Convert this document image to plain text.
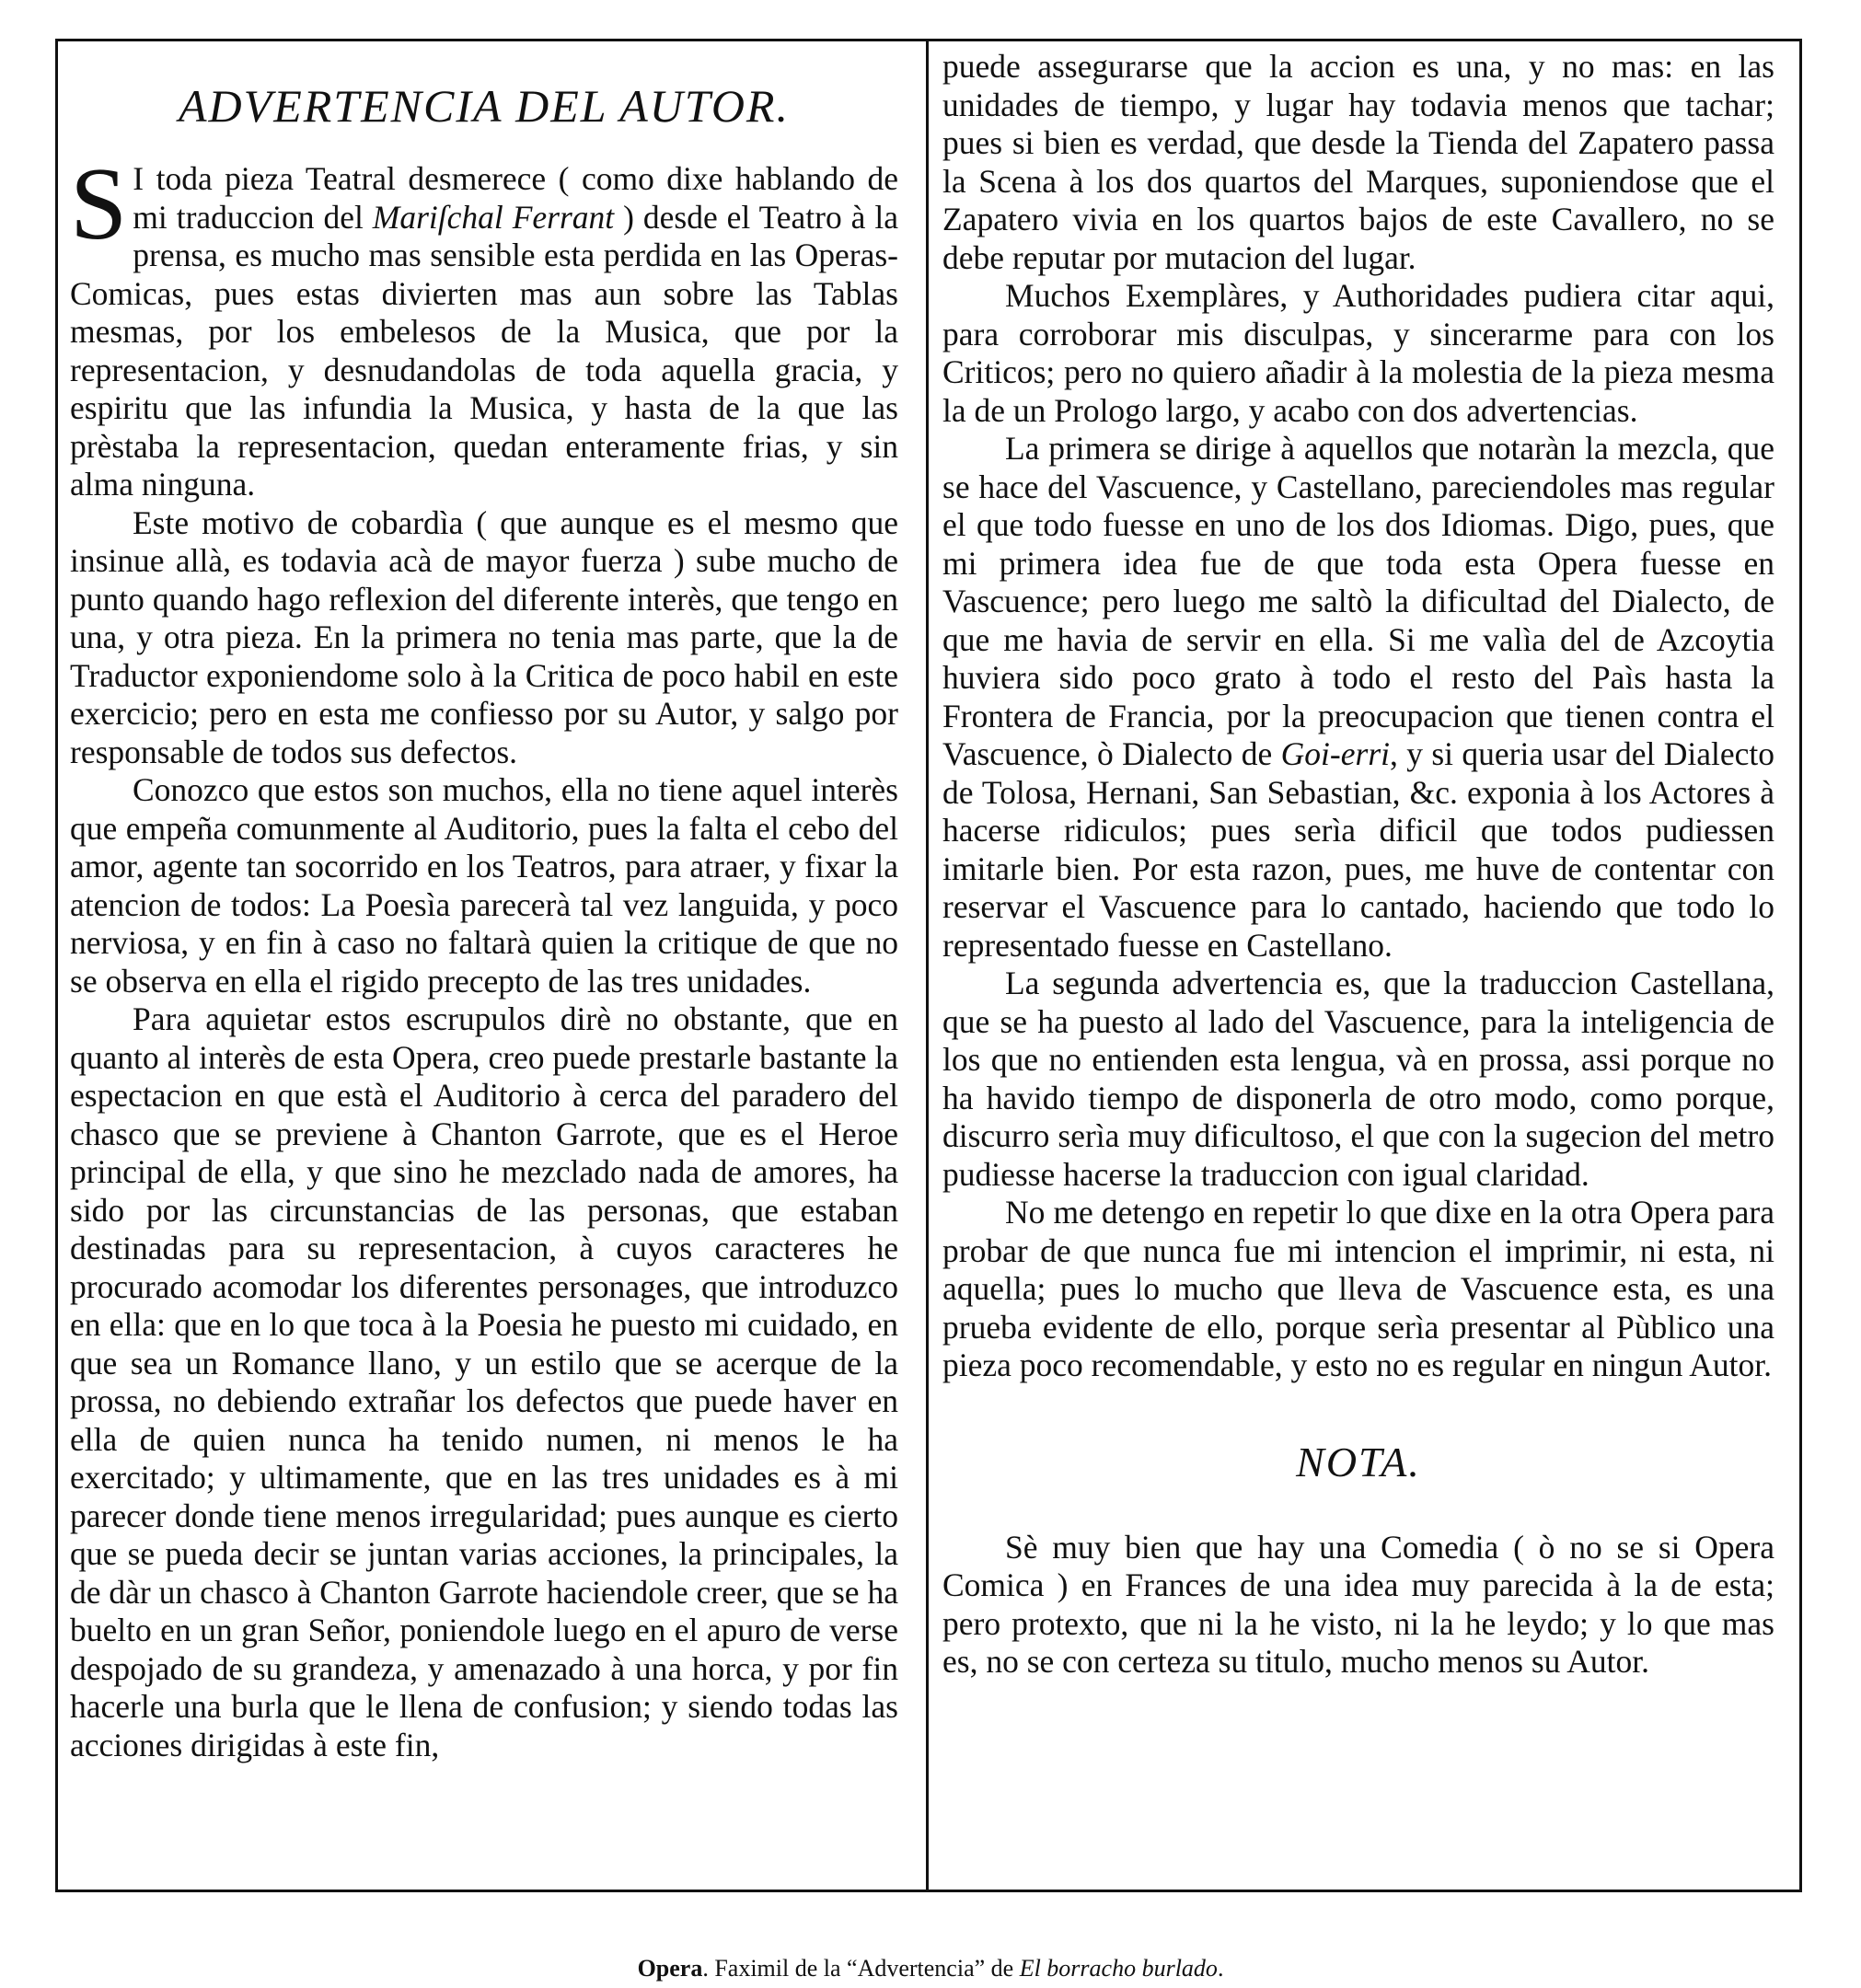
ADVERTENCIA DEL AUTOR.

S I toda pieza Teatral desmerece ( como dixe hablando de mi traduccion del Mariſchal Ferrant ) desde el Teatro à la prensa, es mucho mas sensible esta perdida en las Operas-Comicas, pues estas divierten mas aun sobre las Tablas mesmas, por los embelesos de la Musica, que por la representacion, y desnudandolas de toda aquella gracia, y espiritu que las infundia la Musica, y hasta de la que las prèstaba la representacion, quedan enteramente frias, y sin alma ninguna.

Este motivo de cobardìa ( que aunque es el mesmo que insinue allà, es todavia acà de mayor fuerza ) sube mucho de punto quando hago reflexion del diferente interès, que tengo en una, y otra pieza. En la primera no tenia mas parte, que la de Traductor exponiendome solo à la Critica de poco habil en este exercicio; pero en esta me confiesso por su Autor, y salgo por responsable de todos sus defectos.

Conozco que estos son muchos, ella no tiene aquel interès que empeña comunmente al Auditorio, pues la falta el cebo del amor, agente tan socorrido en los Teatros, para atraer, y fixar la atencion de todos: La Poesìa parecerà tal vez languida, y poco nerviosa, y en fin à caso no faltarà quien la critique de que no se observa en ella el rigido precepto de las tres unidades.

Para aquietar estos escrupulos dirè no obstante, que en quanto al interès de esta Opera, creo puede prestarle bastante la espectacion en que està el Auditorio à cerca del paradero del chasco que se previene à Chanton Garrote, que es el Heroe principal de ella, y que sino he mezclado nada de amores, ha sido por las circunstancias de las personas, que estaban destinadas para su representacion, à cuyos caracteres he procurado acomodar los diferentes personages, que introduzco en ella: que en lo que toca à la Poesia he puesto mi cuidado, en que sea un Romance llano, y un estilo que se acerque de la prossa, no debiendo extrañar los defectos que puede haver en ella de quien nunca ha tenido numen, ni menos le ha exercitado; y ultimamente, que en las tres unidades es à mi parecer donde tiene menos irregularidad; pues aunque es cierto que se pueda decir se juntan varias acciones, la principales, la de dàr un chasco à Chanton Garrote haciendole creer, que se ha buelto en un gran Señor, poniendole luego en el apuro de verse despojado de su grandeza, y amenazado à una horca, y por fin hacerle una burla que le llena de confusion; y siendo todas las acciones dirigidas à este fin,

puede assegurarse que la accion es una, y no mas: en las unidades de tiempo, y lugar hay todavia menos que tachar; pues si bien es verdad, que desde la Tienda del Zapatero passa la Scena à los dos quartos del Marques, suponiendose que el Zapatero vivia en los quartos bajos de este Cavallero, no se debe reputar por mutacion del lugar.

Muchos Exemplàres, y Authoridades pudiera citar aqui, para corroborar mis disculpas, y sincerarme para con los Criticos; pero no quiero añadir à la molestia de la pieza mesma la de un Prologo largo, y acabo con dos advertencias.

La primera se dirige à aquellos que notaràn la mezcla, que se hace del Vascuence, y Castellano, pareciendoles mas regular el que todo fuesse en uno de los dos Idiomas. Digo, pues, que mi primera idea fue de que toda esta Opera fuesse en Vascuence; pero luego me saltò la dificultad del Dialecto, de que me havia de servir en ella. Si me valìa del de Azcoytia huviera sido poco grato à todo el resto del Paìs hasta la Frontera de Francia, por la preocupacion que tienen contra el Vascuence, ò Dialecto de Goi-erri, y si queria usar del Dialecto de Tolosa, Hernani, San Sebastian, &c. exponia à los Actores à hacerse ridiculos; pues serìa dificil que todos pudiessen imitarle bien. Por esta razon, pues, me huve de contentar con reservar el Vascuence para lo cantado, haciendo que todo lo representado fuesse en Castellano.

La segunda advertencia es, que la traduccion Castellana, que se ha puesto al lado del Vascuence, para la inteligencia de los que no entienden esta lengua, và en prossa, assi porque no ha havido tiempo de disponerla de otro modo, como porque, discurro serìa muy dificultoso, el que con la sugecion del metro pudiesse hacerse la traduccion con igual claridad.

No me detengo en repetir lo que dixe en la otra Opera para probar de que nunca fue mi intencion el imprimir, ni esta, ni aquella; pues lo mucho que lleva de Vascuence esta, es una prueba evidente de ello, porque serìa presentar al Pùblico una pieza poco recomendable, y esto no es regular en ningun Autor.

NOTA.

Sè muy bien que hay una Comedia ( ò no se si Opera Comica ) en Frances de una idea muy parecida à la de esta; pero protexto, que ni la he visto, ni la he leydo; y lo que mas es, no se con certeza su titulo, mucho menos su Autor.

Opera. Faximil de la “Advertencia” de El borracho burlado.
